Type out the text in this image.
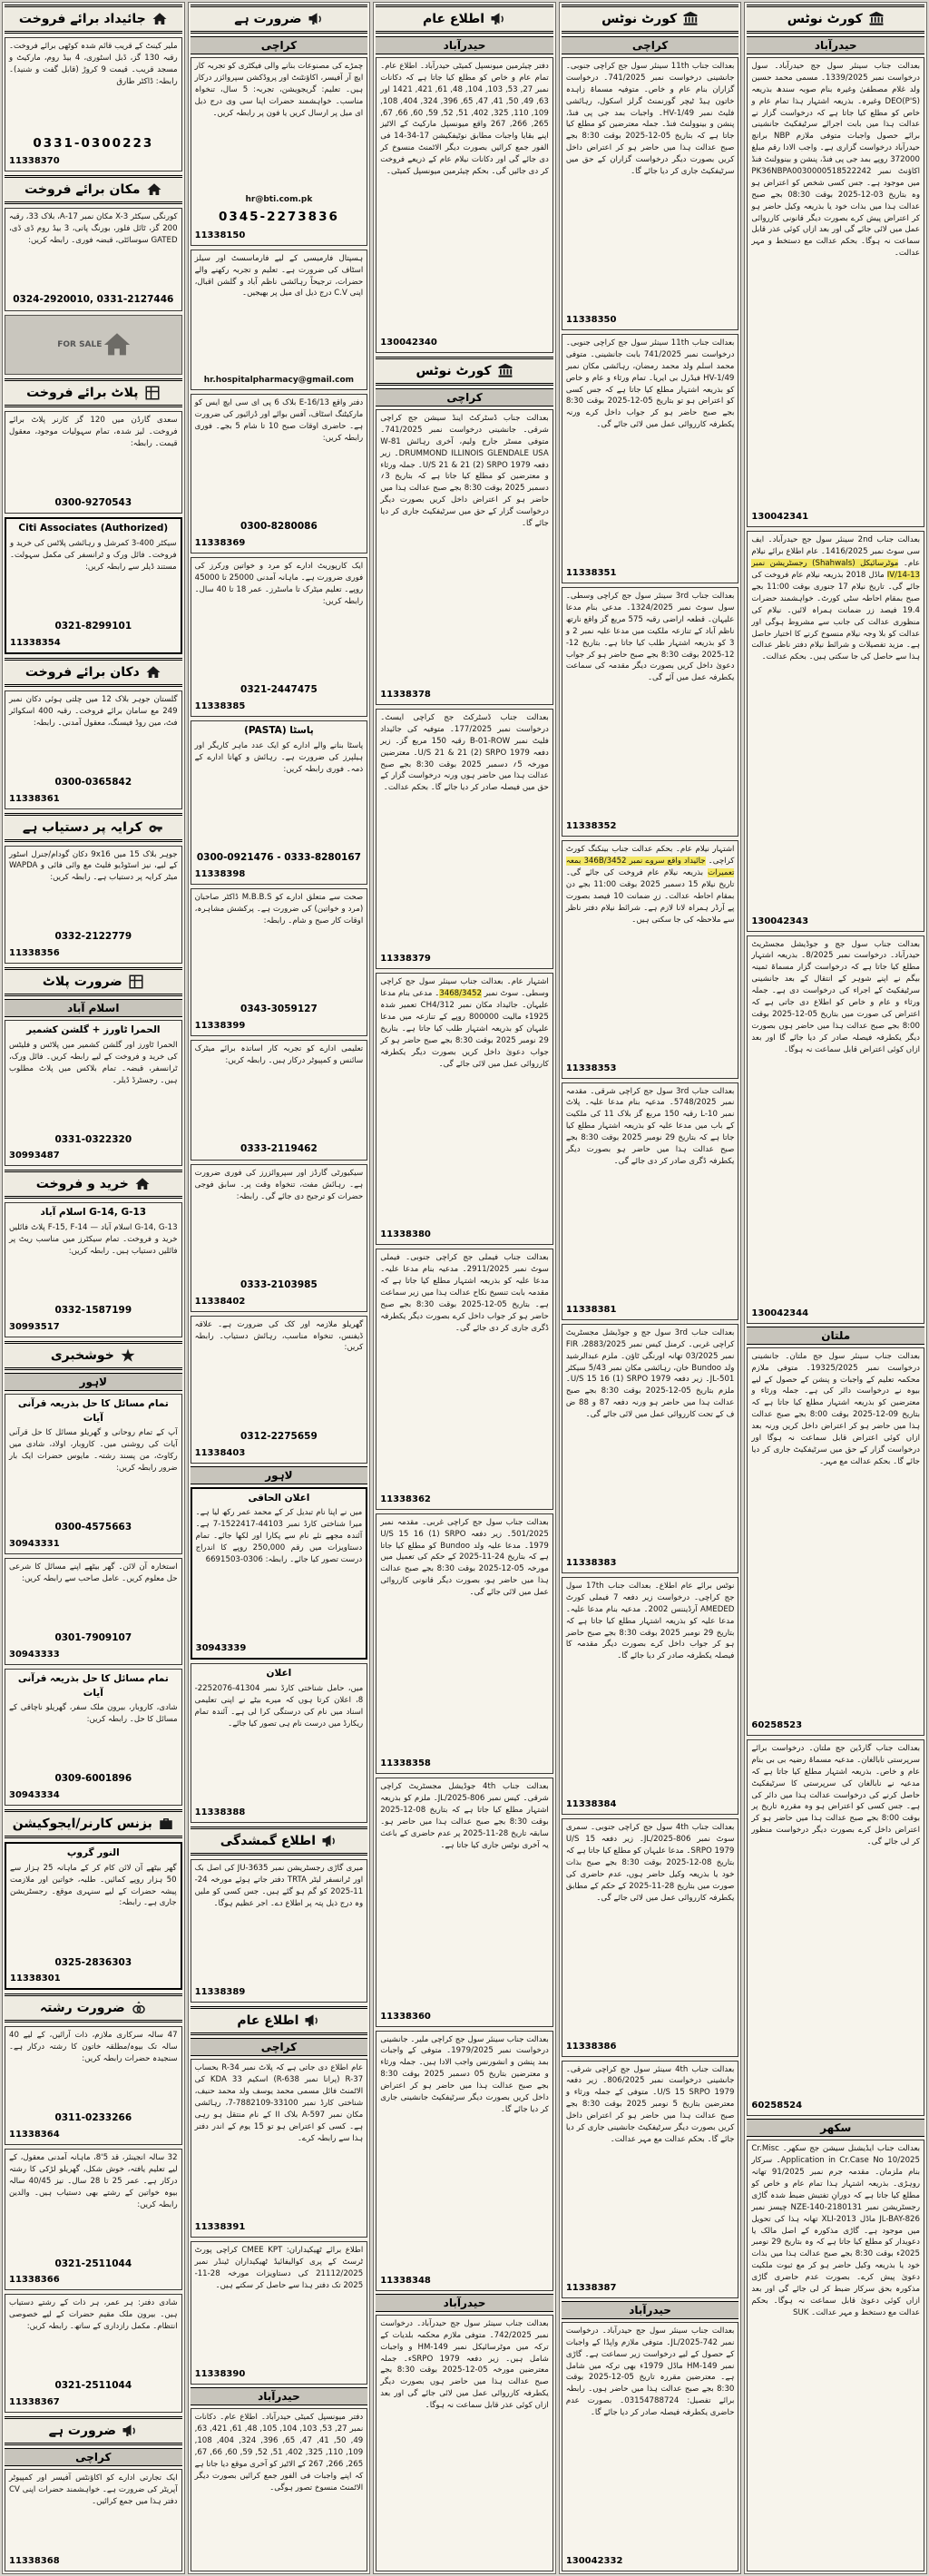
کورٹ نوٹس
حیدرآباد
بعدالت جناب سینئر سول جج حیدرآباد۔ سول درخواست نمبر 1339/2025۔ مسمی محمد حسین ولد غلام مصطفیٰ وغیرہ بنام صوبہ سندھ بذریعہ DEO(P'S) وغیرہ۔ بذریعہ اشتہار ہذا تمام عام و خاص کو مطلع کیا جاتا ہے کہ درخواست گزار نے عدالت ہذا میں بابت اجرائے سرٹیفکیٹ جانشینی برائے حصول واجبات متوفی ملازم NBP برانچ حیدرآباد درخواست گزاری ہے۔ واجب الادا رقم مبلغ 372000 روپے بمد جی پی فنڈ، پنشن و بینوولنٹ فنڈ اکاؤنٹ نمبر PK36NBPA0030000518522242 میں موجود ہے۔ جس کسی شخص کو اعتراض ہو وہ بتاریخ 03-12-2025 بوقت 08:30 بجے صبح عدالت ہذا میں بذات خود یا بذریعہ وکیل حاضر ہو کر اعتراض پیش کرے بصورت دیگر قانونی کارروائی عمل میں لائی جائے گی اور بعد ازاں کوئی عذر قابل سماعت نہ ہوگا۔ بحکم عدالت مع دستخط و مہر عدالت۔
130042341
بعدالت جناب 2nd سینئر سول جج حیدرآباد۔ ایف سی سوٹ نمبر 1416/2025۔ عام اطلاع برائے نیلام عام۔ موٹرسائیکل (Shahwals) رجسٹریشن نمبر 13-IV/14 ماڈل 2018 بذریعہ نیلام عام فروخت کی جائے گی۔ تاریخ نیلام 17 جنوری بوقت 11:00 بجے صبح بمقام احاطہ سٹی کورٹ۔ خواہشمند حضرات 19.4 فیصد زر ضمانت ہمراہ لائیں۔ نیلام کی منظوری عدالت کی جانب سے مشروط ہوگی اور عدالت کو بلا وجہ نیلام منسوخ کرنے کا اختیار حاصل ہے۔ مزید تفصیلات و شرائط نیلام دفتر ناظر عدالت ہذا سے حاصل کی جا سکتی ہیں۔ بحکم عدالت۔
130042343
بعدالت جناب سول جج و جوڈیشل مجسٹریٹ حیدرآباد۔ درخواست نمبر 8/2025۔ بذریعہ اشتہار مطلع کیا جاتا ہے کہ درخواست گزار مسماۃ ثمینہ بیگم نے اپنے شوہر کے انتقال کے بعد جانشینی سرٹیفکیٹ کے اجراء کی درخواست دی ہے۔ جملہ ورثاء و عام و خاص کو اطلاع دی جاتی ہے کہ اعتراض کی صورت میں بتاریخ 05-12-2025 بوقت 8:00 بجے صبح عدالت ہذا میں حاضر ہوں بصورت دیگر یکطرفہ فیصلہ صادر کر دیا جائے گا اور بعد ازاں کوئی اعتراض قابل سماعت نہ ہوگا۔
130042344
ملتان
بعدالت جناب سینئر سول جج ملتان۔ جانشینی درخواست نمبر 19325/2025۔ متوفی ملازم محکمہ تعلیم کے واجبات و پنشن کے حصول کے لیے بیوہ نے درخواست دائر کی ہے۔ جملہ ورثاء و معترضین کو بذریعہ اشتہار مطلع کیا جاتا ہے کہ بتاریخ 09-12-2025 بوقت 8:00 بجے صبح عدالت ہذا میں حاضر ہو کر اعتراض داخل کریں ورنہ بعد ازاں کوئی اعتراض قابل سماعت نہ ہوگا اور درخواست گزار کے حق میں سرٹیفکیٹ جاری کر دیا جائے گا۔ بحکم عدالت مع مہر۔
60258523
بعدالت جناب گارڈین جج ملتان۔ درخواست برائے سرپرستی نابالغان۔ مدعیہ مسماۃ رضیہ بی بی بنام عام و خاص۔ بذریعہ اشتہار مطلع کیا جاتا ہے کہ مدعیہ نے نابالغان کی سرپرستی کا سرٹیفکیٹ حاصل کرنے کی درخواست عدالت ہذا میں دائر کی ہے۔ جس کسی کو اعتراض ہو وہ مقررہ تاریخ پر بوقت 8:00 بجے صبح عدالت ہذا میں حاضر ہو کر اعتراض داخل کرے بصورت دیگر درخواست منظور کر لی جائے گی۔
60258524
سکھر
بعدالت جناب ایڈیشنل سیشن جج سکھر۔ Cr.Misc Application in Cr.Case No 10/2025۔ سرکار بنام ملزمان۔ مقدمہ جرم نمبر 91/2025 تھانہ روہڑی۔ بذریعہ اشتہار ہذا تمام عام و خاص کو مطلع کیا جاتا ہے کہ دورانِ تفتیش ضبط شدہ گاڑی رجسٹریشن نمبر NZE-140-2180131 چیسز نمبر JL-BAY-826 ماڈل XLI-2013 تھانہ ہذا کی تحویل میں موجود ہے۔ گاڑی مذکورہ کے اصل مالک یا دعویدار کو مطلع کیا جاتا ہے کہ وہ بتاریخ 29 نومبر 2025ء بوقت 8:30 بجے صبح عدالت ہذا میں بذات خود یا بذریعہ وکیل حاضر ہو کر مع ثبوت ملکیت دعویٰ پیش کرے۔ بصورت عدم حاضری گاڑی مذکورہ بحق سرکار ضبط کر لی جائے گی اور بعد ازاں کوئی دعویٰ قابل سماعت نہ ہوگا۔ بحکم عدالت مع دستخط و مہر عدالت۔ SUK
کورٹ نوٹس
کراچی
بعدالت جناب 11th سینئر سول جج کراچی جنوبی۔ جانشینی درخواست نمبر 741/2025۔ درخواست گزاران بنام عام و خاص۔ متوفیہ مسماۃ زاہدہ خاتون ہیڈ ٹیچر گورنمنٹ گرلز اسکول، رہائشی فلیٹ نمبر HV-1/49۔ واجبات بمد جی پی فنڈ، پنشن و بینوولنٹ فنڈ۔ جملہ معترضین کو مطلع کیا جاتا ہے کہ بتاریخ 05-12-2025 بوقت 8:30 بجے صبح عدالت ہذا میں حاضر ہو کر اعتراض داخل کریں بصورت دیگر درخواست گزاران کے حق میں سرٹیفکیٹ جاری کر دیا جائے گا۔
11338350
بعدالت جناب 11th سینئر سول جج کراچی جنوبی۔ درخواست نمبر 741/2025 بابت جانشینی۔ متوفی محمد اسلم ولد محمد رمضان، رہائشی مکان نمبر HV-1/49 فیڈرل بی ایریا۔ تمام ورثاء و عام و خاص کو بذریعہ اشتہار مطلع کیا جاتا ہے کہ جس کسی کو اعتراض ہو تو بتاریخ 05-12-2025 بوقت 8:30 بجے صبح حاضر ہو کر جواب داخل کرے ورنہ یکطرفہ کارروائی عمل میں لائی جائے گی۔
11338351
بعدالت جناب 3rd سینئر سول جج کراچی وسطی۔ سول سوٹ نمبر 1324/2025۔ مدعی بنام مدعا علیہان۔ قطعہ اراضی رقبہ 575 مربع گز واقع نارتھ ناظم آباد کے تنازعہ ملکیت میں مدعا علیہ نمبر 2 و 3 کو بذریعہ اشتہار طلب کیا جاتا ہے۔ بتاریخ 12-12-2025 بوقت 8:30 بجے صبح حاضر ہو کر جواب دعویٰ داخل کریں بصورت دیگر مقدمہ کی سماعت یکطرفہ عمل میں آئے گی۔
11338352
اشتہار نیلام عام۔ بحکم عدالت جناب بینکنگ کورٹ کراچی۔ جائیداد واقع سروے نمبر 346B/3452 بمعہ تعمیرات بذریعہ نیلام عام فروخت کی جائے گی۔ تاریخ نیلام 15 دسمبر 2025 بوقت 11:00 بجے دن بمقام احاطہ عدالت۔ زرِ ضمانت 10 فیصد بصورت پے آرڈر ہمراہ لانا لازم ہے۔ شرائط نیلام دفتر ناظر سے ملاحظہ کی جا سکتی ہیں۔
11338353
بعدالت جناب 3rd سول جج کراچی شرقی۔ مقدمہ نمبر 5748/2025۔ مدعیہ بنام مدعا علیہ۔ پلاٹ نمبر 10-L رقبہ 150 مربع گز بلاک 11 کی ملکیت کے باب میں مدعا علیہ کو بذریعہ اشتہار مطلع کیا جاتا ہے کہ بتاریخ 29 نومبر 2025 بوقت 8:30 بجے صبح عدالت ہذا میں حاضر ہو بصورت دیگر یکطرفہ ڈگری صادر کر دی جائے گی۔
11338381
بعدالت جناب 3rd سول جج و جوڈیشل مجسٹریٹ کراچی غربی۔ کرمنل کیس نمبر 2883/2025، FIR نمبر 03/2025 تھانہ اورنگی ٹاؤن۔ ملزم عبدالرشید ولد Bundoo خان، رہائشی مکان نمبر 5/43 سیکٹر 501-JL۔ زیر دفعہ U/S 15 16 (1) SRPO 1979۔ ملزم بتاریخ 05-12-2025 بوقت 8:30 بجے صبح عدالت ہذا میں حاضر ہو ورنہ دفعہ 87 و 88 ض ف کے تحت کارروائی عمل میں لائی جائے گی۔
11338383
نوٹس برائے عام اطلاع۔ بعدالت جناب 17th سول جج کراچی۔ درخواست زیر دفعہ 7 فیملی کورٹ AMEDED آرڈیننس 2002۔ مدعیہ بنام مدعا علیہ۔ مدعا علیہ کو بذریعہ اشتہار مطلع کیا جاتا ہے کہ بتاریخ 29 نومبر 2025 بوقت 8:30 بجے صبح حاضر ہو کر جواب داخل کرے بصورت دیگر مقدمہ کا فیصلہ یکطرفہ صادر کر دیا جائے گا۔
11338384
بعدالت جناب 4th سول جج کراچی جنوبی۔ سمری سوٹ نمبر 806-JL/2025۔ زیر دفعہ U/S 15 SRPO 1979۔ مدعا علیہان کو مطلع کیا جاتا ہے کہ بتاریخ 08-12-2025 بوقت 8:30 بجے صبح بذات خود یا بذریعہ وکیل حاضر ہوں، عدم حاضری کی صورت میں بتاریخ 28-11-2025 کے حکم کے مطابق یکطرفہ کارروائی عمل میں لائی جائے گی۔
11338386
بعدالت جناب 4th سینئر سول جج کراچی شرقی۔ جانشینی درخواست نمبر 806/2025۔ زیر دفعہ U/S 15 SRPO 1979۔ متوفی کے جملہ ورثاء و معترضین بتاریخ 5 نومبر 2025 بوقت 8:30 بجے صبح عدالت ہذا میں حاضر ہو کر اعتراض داخل کریں بصورت دیگر سرٹیفکیٹ جانشینی جاری کر دیا جائے گا۔ بحکم عدالت مع مہر عدالت۔
11338387
حیدرآباد
بعدالت جناب سینئر سول جج حیدرآباد۔ درخواست نمبر 742-JL/2025۔ متوفی ملازم واپڈا کے واجبات کے حصول کے لیے درخواست زیر سماعت ہے۔ گاڑی نمبر HM-149 ماڈل 1979ء بھی ترکہ میں شامل ہے۔ معترضین مقررہ تاریخ 05-12-2025 بوقت 8:30 بجے صبح عدالت ہذا میں حاضر ہوں۔ رابطہ برائے تفصیل: 03154788724۔ بصورت عدم حاضری یکطرفہ فیصلہ صادر کر دیا جائے گا۔
130042332
اطلاع عام
حیدرآباد
دفتر چیئرمین میونسپل کمیٹی حیدرآباد۔ اطلاع عام۔ تمام عام و خاص کو مطلع کیا جاتا ہے کہ دکانات نمبر 27, 53, 103, 104, 48, 61, 421, 1421 اور 63, 49, 50, 41, 47, 65, 396, 324, 404, 108, 109, 110, 325, 402, 51, 52, 59, 60, 66, 67, 265, 266, 267 واقع میونسپل مارکیٹ کے الاٹیز اپنے بقایا واجبات مطابق نوٹیفکیشن 17-34-14 فی الفور جمع کرائیں بصورت دیگر الاٹمنٹ منسوخ کر دی جائے گی اور دکانات نیلام عام کے ذریعے فروخت کر دی جائیں گی۔ بحکم چیئرمین میونسپل کمیٹی۔
130042340
کورٹ نوٹس
کراچی
بعدالت جناب ڈسٹرکٹ اینڈ سیشن جج کراچی شرقی۔ جانشینی درخواست نمبر 741/2025۔ متوفی مسٹر جارج ولیم، آخری رہائش 81-W DRUMMOND ILLINOIS GLENDALE USA۔ زیر دفعہ U/S 21 & 21 (2) SRPO 1979۔ جملہ ورثاء و معترضین کو مطلع کیا جاتا ہے کہ بتاریخ 3؍ دسمبر 2025 بوقت 8:30 بجے صبح عدالت ہذا میں حاضر ہو کر اعتراض داخل کریں بصورت دیگر درخواست گزار کے حق میں سرٹیفکیٹ جاری کر دیا جائے گا۔
11338378
بعدالت جناب ڈسٹرکٹ جج کراچی ایسٹ۔ درخواست نمبر 177/2025۔ متوفیہ کی جائیداد فلیٹ نمبر B-01-ROW رقبہ 150 مربع گز۔ زیر دفعہ U/S 21 & 21 (2) SRPO 1979۔ معترضین مورخہ 5؍ دسمبر 2025 بوقت 8:30 بجے صبح عدالت ہذا میں حاضر ہوں ورنہ درخواست گزار کے حق میں فیصلہ صادر کر دیا جائے گا۔ بحکم عدالت۔
11338379
اشتہار عام۔ بعدالت جناب سینئر سول جج کراچی وسطی۔ سوٹ نمبر 3468/3452۔ مدعی بنام مدعا علیہان۔ جائیداد مکان نمبر CH4/312 تعمیر شدہ 1925ء مالیت 800000 روپے کے تنازعہ میں مدعا علیہان کو بذریعہ اشتہار طلب کیا جاتا ہے۔ بتاریخ 29 نومبر 2025 بوقت 8:30 بجے صبح حاضر ہو کر جواب دعویٰ داخل کریں بصورت دیگر یکطرفہ کارروائی عمل میں لائی جائے گی۔
11338380
بعدالت جناب فیملی جج کراچی جنوبی۔ فیملی سوٹ نمبر 2911/2025۔ مدعیہ بنام مدعا علیہ۔ مدعا علیہ کو بذریعہ اشتہار مطلع کیا جاتا ہے کہ مقدمہ بابت تنسیخ نکاح عدالت ہذا میں زیر سماعت ہے۔ بتاریخ 05-12-2025 بوقت 8:30 بجے صبح حاضر ہو کر جواب داخل کرے بصورت دیگر یکطرفہ ڈگری جاری کر دی جائے گی۔
11338362
بعدالت جناب سول جج کراچی غربی۔ مقدمہ نمبر 501/2025۔ زیر دفعہ U/S 15 16 (1) SRPO 1979۔ مدعا علیہ ولد Bundoo کو مطلع کیا جاتا ہے کہ بتاریخ 24-11-2025 کے حکم کی تعمیل میں مورخہ 05-12-2025 بوقت 8:30 بجے صبح عدالت ہذا میں حاضر ہو، بصورت دیگر قانونی کارروائی عمل میں لائی جائے گی۔
11338358
بعدالت جناب 4th جوڈیشل مجسٹریٹ کراچی شرقی۔ کیس نمبر 806-JL/2025۔ ملزم کو بذریعہ اشتہار مطلع کیا جاتا ہے کہ بتاریخ 08-12-2025 بوقت 8:30 بجے صبح عدالت ہذا میں حاضر ہو۔ سابقہ تاریخ 28-11-2025 پر عدم حاضری کے باعث یہ آخری نوٹس جاری کیا جاتا ہے۔
11338360
بعدالت جناب سینئر سول جج کراچی ملیر۔ جانشینی درخواست نمبر 1979/2025۔ متوفی کے واجبات بمد پنشن و انشورنس واجب الادا ہیں۔ جملہ ورثاء و معترضین بتاریخ 05 دسمبر 2025 بوقت 8:30 بجے صبح عدالت ہذا میں حاضر ہو کر اعتراض داخل کریں بصورت دیگر سرٹیفکیٹ جانشینی جاری کر دیا جائے گا۔
11338348
حیدرآباد
بعدالت جناب سینئر سول جج حیدرآباد۔ درخواست نمبر 742/2025۔ متوفی ملازم محکمہ بلدیات کے ترکہ میں موٹرسائیکل نمبر HM-149 و واجبات شامل ہیں۔ زیر دفعہ SRPO 1979ء۔ جملہ معترضین مورخہ 05-12-2025 بوقت 8:30 بجے صبح عدالت ہذا میں حاضر ہوں بصورت دیگر یکطرفہ کارروائی عمل میں لائی جائے گی اور بعد ازاں کوئی عذر قابل سماعت نہ ہوگا۔
ضرورت ہے
کراچی
چمڑے کی مصنوعات بنانے والی فیکٹری کو تجربہ کار ایچ آر آفیسر، اکاؤنٹنٹ اور پروڈکشن سپروائزر درکار ہیں۔ تعلیم: گریجویشن، تجربہ: 5 سال، تنخواہ مناسب۔ خواہشمند حضرات اپنا سی وی درج ذیل ای میل پر ارسال کریں یا فون پر رابطہ کریں۔
hr@bti.com.pk
0345-2273836
11338150
ہسپتال فارمیسی کے لیے فارماسسٹ اور سیلز اسٹاف کی ضرورت ہے۔ تعلیم و تجربہ رکھنے والے حضرات، ترجیحاً رہائشی ناظم آباد و گلشن اقبال، اپنی C.V درج ذیل ای میل پر بھیجیں۔
hr.hospitalpharmacy@gmail.com
دفتر واقع E-16/13 بلاک 6 پی ای سی ایچ ایس کو مارکیٹنگ اسٹاف، آفس بوائے اور ڈرائیور کی ضرورت ہے۔ حاضری اوقات صبح 10 تا شام 5 بجے۔ فوری رابطہ کریں:
0300-8280086
11338369
ایک کارپوریٹ ادارے کو مرد و خواتین ورکرز کی فوری ضرورت ہے۔ ماہانہ آمدنی 25000 تا 45000 روپے۔ تعلیم میٹرک تا ماسٹرز۔ عمر 18 تا 40 سال۔ رابطہ کریں:
0321-2447475
11338385
پاسٹا (PASTA)
پاسٹا بنانے والے ادارے کو ایک عدد ماہر کاریگر اور ہیلپرز کی ضرورت ہے۔ رہائش و کھانا ادارے کے ذمہ۔ فوری رابطہ کریں:
0300-0921476 - 0333-8280167
11338398
صحت سے متعلق ادارے کو M.B.B.S ڈاکٹر صاحبان (مرد و خواتین) کی ضرورت ہے۔ پرکشش مشاہرہ، اوقات کار صبح و شام۔ رابطہ:
0343-3059127
11338399
تعلیمی ادارے کو تجربہ کار اساتذہ برائے میٹرک سائنس و کمپیوٹر درکار ہیں۔ رابطہ کریں:
0333-2119462
سیکیورٹی گارڈز اور سپروائزرز کی فوری ضرورت ہے۔ رہائش مفت، تنخواہ وقت پر۔ سابق فوجی حضرات کو ترجیح دی جائے گی۔ رابطہ:
0333-2103985
11338402
گھریلو ملازمہ اور کک کی ضرورت ہے۔ علاقہ ڈیفنس، تنخواہ مناسب، رہائش دستیاب۔ رابطہ کریں:
0312-2275659
11338403
لاہور
اعلان الحاقی
میں نے اپنا نام تبدیل کر کے محمد عمر رکھ لیا ہے۔ میرا شناختی کارڈ نمبر 44103-1522417-7 ہے۔ آئندہ مجھے نئے نام سے پکارا اور لکھا جائے۔ تمام دستاویزات میں رقم 250,000 روپے کا اندراج درست تصور کیا جائے۔ رابطہ: 0306-6691503
30943339
اعلان
میں، حامل شناختی کارڈ نمبر 41304-2252076-8، اعلان کرتا ہوں کہ میرے بیٹے نے اپنی تعلیمی اسناد میں نام کی درستگی کرا لی ہے۔ آئندہ تمام ریکارڈ میں درست نام ہی تصور کیا جائے۔
11338388
اطلاع گمشدگی
میری گاڑی رجسٹریشن نمبر JU-3635 کی اصل بک اور ٹرانسفر لیٹر TRTA دفتر جاتے ہوئے مورخہ 24-11-2025 کو گم ہو گئے ہیں۔ جس کسی کو ملیں وہ درج ذیل پتہ پر اطلاع دے۔ اجر عظیم ہوگا۔
11338389
اطلاع عام
کراچی
عام اطلاع دی جاتی ہے کہ پلاٹ نمبر R-34 بحساب R-37 (پرانا نمبر R-638) اسکیم 33 KDA کی الاٹمنٹ فائل مسمی محمد یوسف ولد محمد حنیف، شناختی کارڈ نمبر 33100-7882109-7، رہائشی مکان نمبر A-597 بلاک II کے نام منتقل ہو رہی ہے۔ کسی کو اعتراض ہو تو 15 یوم کے اندر دفتر ہذا سے رابطہ کرے۔
11338391
اطلاع برائے ٹھیکیداران: CMEE KPT کراچی پورٹ ٹرسٹ کے پری کوالیفائیڈ ٹھیکیداران ٹینڈر نمبر 21112/2025 کی دستاویزات مورخہ 28-11-2025 تک دفتر ہذا سے حاصل کر سکتے ہیں۔
11338390
حیدرآباد
دفتر میونسپل کمیٹی حیدرآباد۔ اطلاع عام۔ دکانات نمبر 27, 53, 103, 104, 105, 48, 61, 421, 63, 49, 50, 41, 47, 65, 396, 324, 404, 108, 109, 110, 325, 402, 51, 52, 59, 60, 66, 67, 265, 266, 267 کے الاٹیز کو آخری موقع دیا جاتا ہے کہ اپنے واجبات فی الفور جمع کرائیں بصورت دیگر الاٹمنٹ منسوخ تصور ہوگی۔
جائیداد برائے فروخت
ملیر کینٹ کے قریب قائم شدہ کوٹھی برائے فروخت۔ رقبہ 130 گز، ڈبل اسٹوری، 4 بیڈ روم، مارکیٹ و مسجد قریب۔ قیمت 9 کروڑ (قابل گفت و شنید)۔ رابطہ: ڈاکٹر طارق
0331-0300223
11338370
مکان برائے فروخت
کورنگی سیکٹر X-3 مکان نمبر 17-A، بلاک 33، رقبہ 200 گز، ٹائل فلور، بورنگ پانی، 3 بیڈ روم ڈی ڈی، GATED سوسائٹی، قبضہ فوری۔ رابطہ کریں:
0324-2920010, 0331-2127446
FOR SALE
پلاٹ برائے فروخت
سعدی گارڈن میں 120 گز کارنر پلاٹ برائے فروخت۔ لیز شدہ، تمام سہولیات موجود، معقول قیمت۔ رابطہ:
0300-9270543
Citi Associates (Authorized)
سیکٹر 400-3 کمرشل و رہائشی پلاٹس کی خرید و فروخت۔ فائل ورک و ٹرانسفر کی مکمل سہولت۔ مستند ڈیلر سے رابطہ کریں:
0321-8299101
11338354
دکان برائے فروخت
گلستان جوہر بلاک 12 میں چلتی ہوئی دکان نمبر 249 مع سامان برائے فروخت۔ رقبہ 400 اسکوائر فٹ، مین روڈ فیسنگ، معقول آمدنی۔ رابطہ:
0300-0365842
11338361
کرایہ پر دستیاب ہے
جوہر بلاک 15 میں 9x16 دکان گودام/جنرل اسٹور کے لیے، نیز اسٹوڈیو فلیٹ مع وائی فائی و WAPDA میٹر کرایہ پر دستیاب ہے۔ رابطہ کریں:
0332-2122779
11338356
ضرورت پلاٹ
اسلام آباد
الحمرا ٹاورز + گلشن کشمیر
الحمرا ٹاورز اور گلشن کشمیر میں پلاٹس و فلیٹس کی خرید و فروخت کے لیے رابطہ کریں۔ فائل ورک، ٹرانسفر، قبضہ۔ تمام بلاکس میں پلاٹ مطلوب ہیں۔ رجسٹرڈ ڈیلر۔
0331-0322320
30993487
خرید و فروخت
G-14, G-13 اسلام آباد
G-14, G-13 اسلام آباد — F-15, F-14 پلاٹ فائلیں خرید و فروخت۔ تمام سیکٹرز میں مناسب ریٹ پر فائلیں دستیاب ہیں۔ رابطہ کریں:
0332-1587199
30993517
خوشخبری
لاہور
تمام مسائل کا حل بذریعہ قرآنی آیات
آپ کے تمام روحانی و گھریلو مسائل کا حل قرآنی آیات کی روشنی میں۔ کاروبار، اولاد، شادی میں رکاوٹ، من پسند رشتہ۔ مایوس حضرات ایک بار ضرور رابطہ کریں:
0300-4575663
30943331
استخارہ آن لائن۔ گھر بیٹھے اپنے مسائل کا شرعی حل معلوم کریں۔ عامل صاحب سے رابطہ کریں:
0301-7909107
30943333
تمام مسائل کا حل بذریعہ قرآنی آیات
شادی، کاروبار، بیرون ملک سفر، گھریلو ناچاقی کے مسائل کا حل۔ رابطہ کریں:
0309-6001896
30943334
بزنس کارنر/ایجوکیشن
النور گروپ
گھر بیٹھے آن لائن کام کر کے ماہانہ 25 ہزار سے 50 ہزار روپے کمائیں۔ طلبہ، خواتین اور ملازمت پیشہ حضرات کے لیے سنہری موقع۔ رجسٹریشن جاری ہے۔ رابطہ:
0325-2836303
11338301
ضرورت رشتہ
47 سالہ سرکاری ملازم، ذات آرائیں، کے لیے 40 سالہ تک بیوہ/مطلقہ خاتون کا رشتہ درکار ہے۔ سنجیدہ حضرات رابطہ کریں:
0311-0233266
11338364
32 سالہ انجینئر، قد 5'8، ماہانہ آمدنی معقول، کے لیے تعلیم یافتہ، خوش شکل، گھریلو لڑکی کا رشتہ درکار ہے۔ عمر 25 تا 28 سال۔ نیز 40/45 سالہ بیوہ خواتین کے رشتے بھی دستیاب ہیں۔ والدین رابطہ کریں:
0321-2511044
11338366
شادی دفتر: ہر عمر، ہر ذات کے رشتے دستیاب ہیں۔ بیرون ملک مقیم حضرات کے لیے خصوصی انتظام۔ مکمل رازداری کے ساتھ۔ رابطہ کریں:
0321-2511044
11338367
ضرورت ہے
کراچی
ایک تجارتی ادارے کو اکاؤنٹس آفیسر اور کمپیوٹر آپریٹر کی ضرورت ہے۔ خواہشمند حضرات اپنی CV دفتر ہذا میں جمع کرائیں۔
11338368
